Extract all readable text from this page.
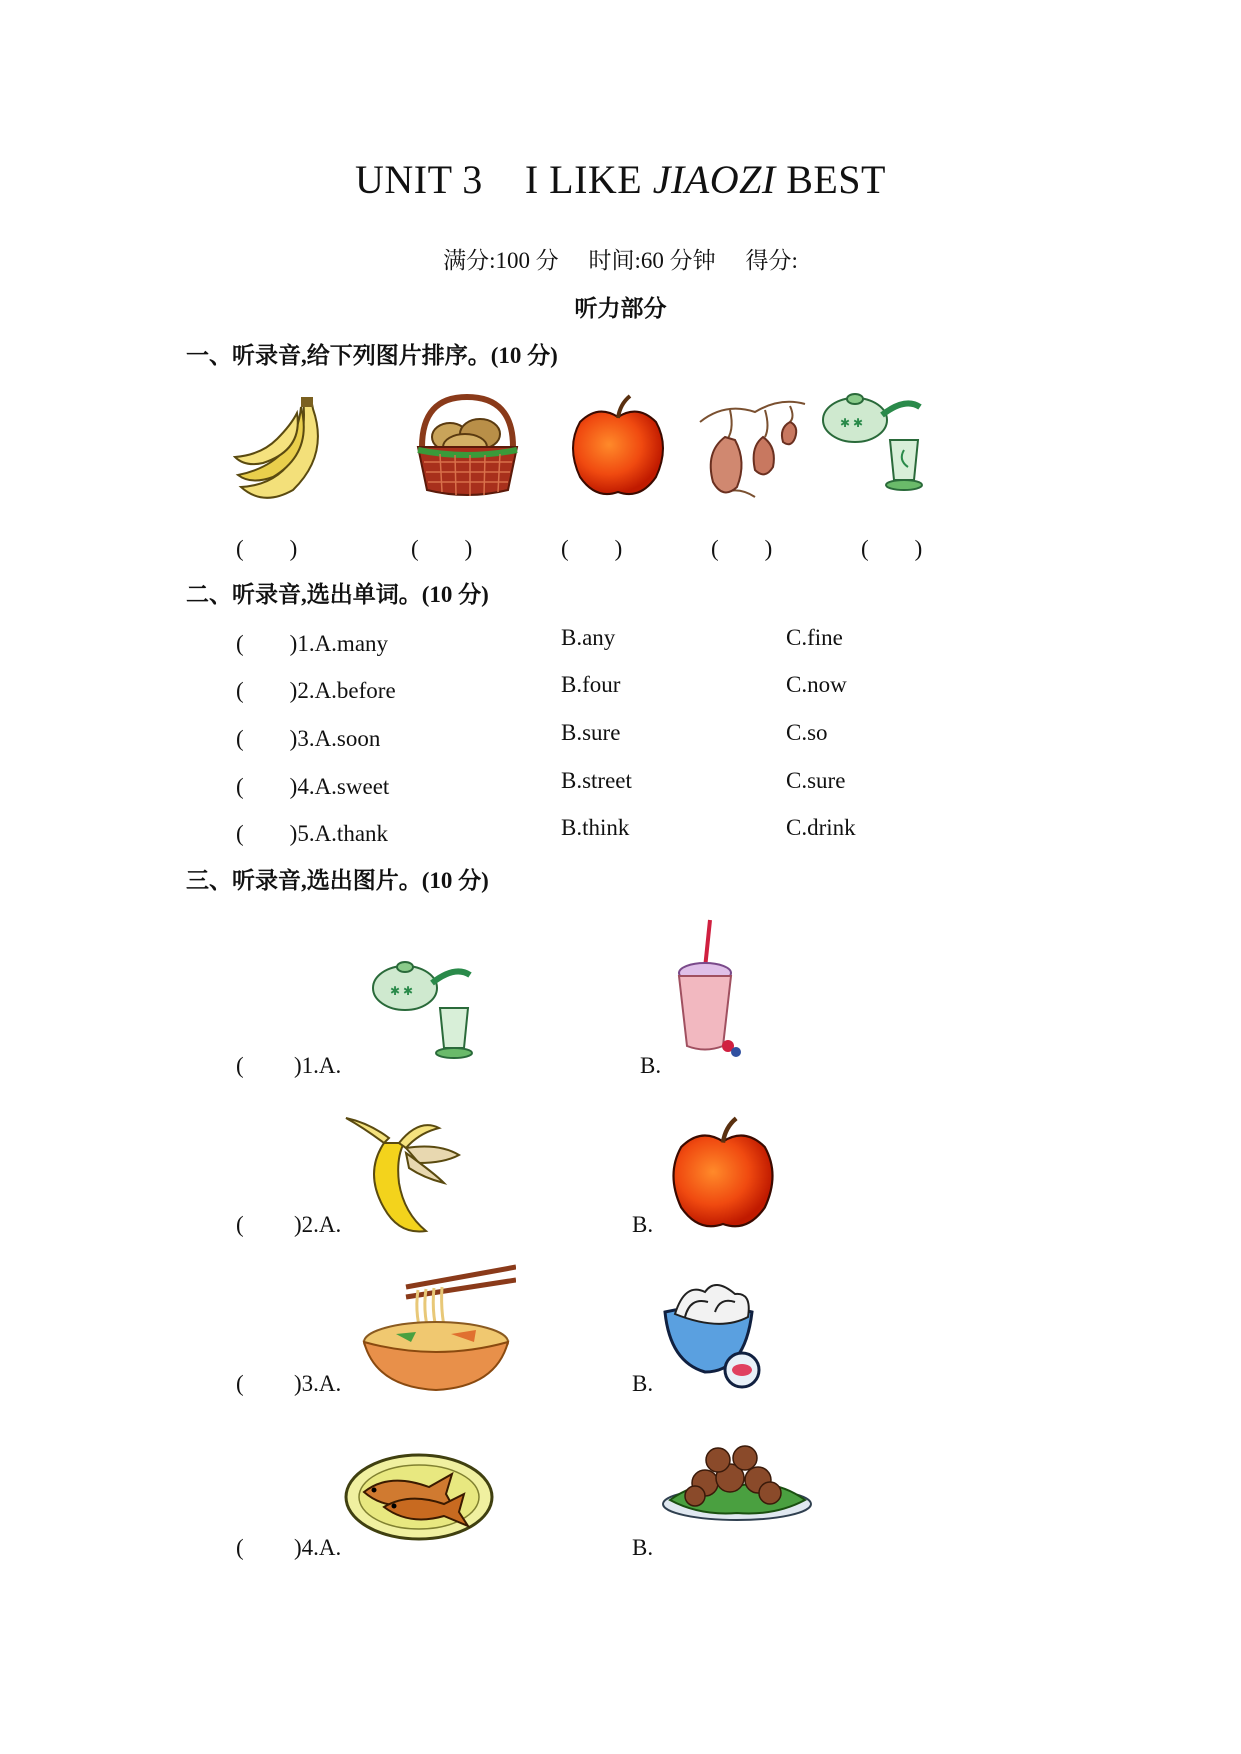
UNIT 3 I LIKE JIAOZI BEST
满分:100 分 时间:60 分钟 得分:
听力部分
一、听录音,给下列图片排序。(10 分)
✱ ✱
(　　)	(　　)	(　　)	(　　)	(　　)
二、听录音,选出单词。(10 分)
(　　)1.A.many	B.any	C.fine
(　　)2.A.before	B.four	C.now
(　　)3.A.soon	B.sure	C.so
(　　)4.A.sweet	B.street	C.sure
(　　)5.A.thank	B.think	C.drink
三、听录音,选出图片。(10 分)
( )1.A.
✱ ✱
B.
( )2.A.	B.
( )3.A.	B.
( )4.A.	B.
